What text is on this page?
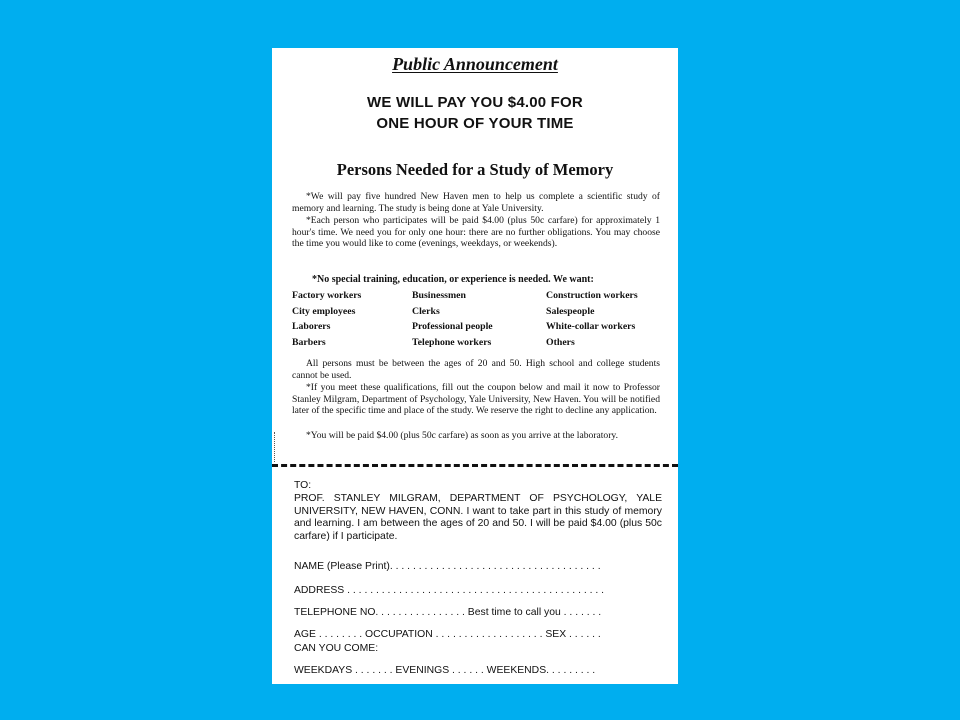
Public Announcement
WE WILL PAY YOU $4.00 FOR
ONE HOUR OF YOUR TIME
Persons Needed for a Study of Memory
*We will pay five hundred New Haven men to help us complete a scientific study of memory and learning. The study is being done at Yale University.
*Each person who participates will be paid $4.00 (plus 50c carfare) for approximately 1 hour's time. We need you for only one hour: there are no further obligations. You may choose the time you would like to come (evenings, weekdays, or weekends).
*No special training, education, or experience is needed. We want:
Factory workers
City employees
Laborers
Barbers
Businessmen
Clerks
Professional people
Telephone workers
Construction workers
Salespeople
White-collar workers
Others
All persons must be between the ages of 20 and 50. High school and college students cannot be used.
*If you meet these qualifications, fill out the coupon below and mail it now to Professor Stanley Milgram, Department of Psychology, Yale University, New Haven. You will be notified later of the specific time and place of the study. We reserve the right to decline any application.
*You will be paid $4.00 (plus 50c carfare) as soon as you arrive at the laboratory.
TO:
PROF. STANLEY MILGRAM, DEPARTMENT OF PSYCHOLOGY, YALE UNIVERSITY, NEW HAVEN, CONN. I want to take part in this study of memory and learning. I am between the ages of 20 and 50. I will be paid $4.00 (plus 50c carfare) if I participate.
NAME (Please Print). . . . . . . . . . . . . . . . . . . . . . . . . . . . . . . . . . . . .
ADDRESS . . . . . . . . . . . . . . . . . . . . . . . . . . . . . . . . . . . . . . . . . . . . .
TELEPHONE NO. . . . . . . . . . . . . . . . Best time to call you . . . . . . .
AGE . . . . . . . . OCCUPATION . . . . . . . . . . . . . . . . . . . SEX . . . . . .
CAN YOU COME:
WEEKDAYS . . . . . . . EVENINGS . . . . . . WEEKENDS. . . . . . . . .
